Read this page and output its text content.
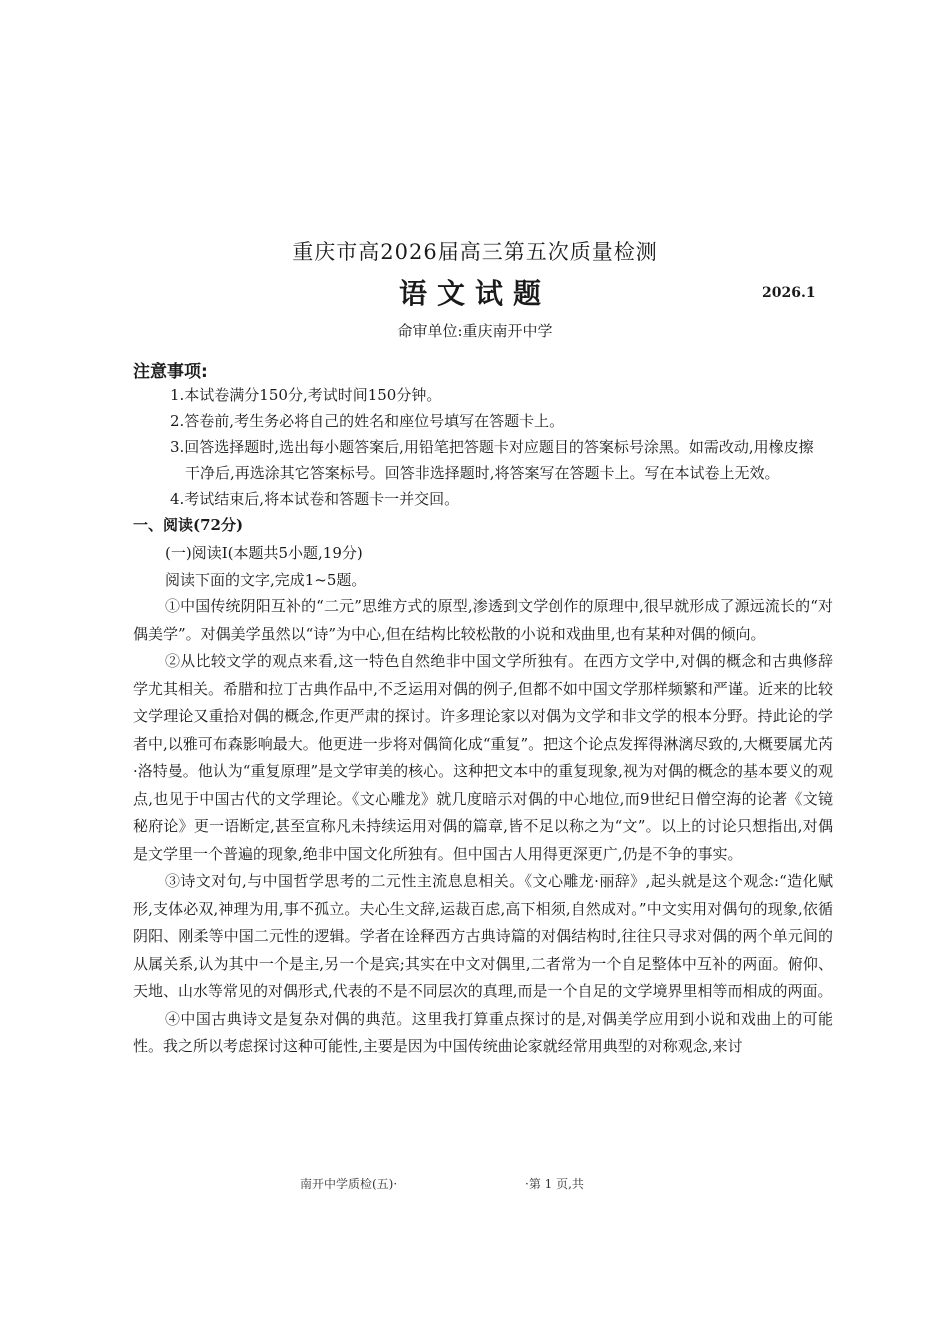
重庆市高2026届高三第五次质量检测
语文试题	2026.1
命审单位:重庆南开中学
注意事项:

1.本试卷满分150分,考试时间150分钟。

2.答卷前,考生务必将自己的姓名和座位号填写在答题卡上。

3.回答选择题时,选出每小题答案后,用铅笔把答题卡对应题目的答案标号涂黑。如需改动,用橡皮擦

干净后,再选涂其它答案标号。回答非选择题时,将答案写在答题卡上。写在本试卷上无效。

4.考试结束后,将本试卷和答题卡一并交回。

一、阅读(72分)
(一)阅读Ⅰ(本题共5小题,19分)
阅读下面的文字,完成1~5题。

①中国传统阴阳互补的“二元”思维方式的原型,渗透到文学创作的原理中,很早就形成了源远流长的“对偶美学”。对偶美学虽然以“诗”为中心,但在结构比较松散的小说和戏曲里,也有某种对偶的倾向。

②从比较文学的观点来看,这一特色自然绝非中国文学所独有。在西方文学中,对偶的概念和古典修辞学尤其相关。希腊和拉丁古典作品中,不乏运用对偶的例子,但都不如中国文学那样频繁和严谨。近来的比较文学理论又重拾对偶的概念,作更严肃的探讨。许多理论家以对偶为文学和非文学的根本分野。持此论的学者中,以雅可布森影响最大。他更进一步将对偶简化成“重复”。把这个论点发挥得淋漓尽致的,大概要属尤芮·洛特曼。他认为“重复原理”是文学审美的核心。这种把文本中的重复现象,视为对偶的概念的基本要义的观点,也见于中国古代的文学理论。《文心雕龙》就几度暗示对偶的中心地位,而9世纪日僧空海的论著《文镜秘府论》更一语断定,甚至宣称凡未持续运用对偶的篇章,皆不足以称之为“文”。以上的讨论只想指出,对偶是文学里一个普遍的现象,绝非中国文化所独有。但中国古人用得更深更广,仍是不争的事实。

③诗文对句,与中国哲学思考的二元性主流息息相关。《文心雕龙·丽辞》,起头就是这个观念:“造化赋形,支体必双,神理为用,事不孤立。夫心生文辞,运裁百虑,高下相须,自然成对。”中文实用对偶句的现象,依循阴阳、刚柔等中国二元性的逻辑。学者在诠释西方古典诗篇的对偶结构时,往往只寻求对偶的两个单元间的从属关系,认为其中一个是主,另一个是宾;其实在中文对偶里,二者常为一个自足整体中互补的两面。俯仰、天地、山水等常见的对偶形式,代表的不是不同层次的真理,而是一个自足的文学境界里相等而相成的两面。

④中国古典诗文是复杂对偶的典范。这里我打算重点探讨的是,对偶美学应用到小说和戏曲上的可能性。我之所以考虑探讨这种可能性,主要是因为中国传统曲论家就经常用典型的对称观念,来讨

南开中学质检(五)·	·第 1 页,共
